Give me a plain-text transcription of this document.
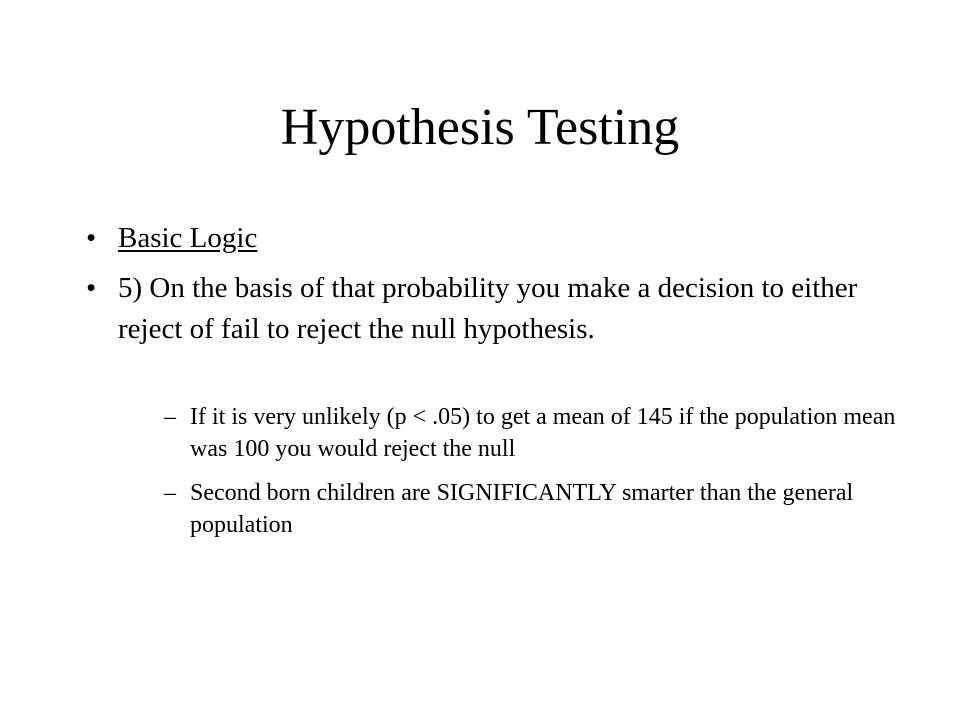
Hypothesis Testing
• Basic Logic
• 5) On the basis of that probability you make a decision to either reject of fail to reject the null hypothesis.
– If it is very unlikely (p < .05) to get a mean of 145 if the population mean was 100 you would reject the null
– Second born children are SIGNIFICANTLY smarter than the general population
